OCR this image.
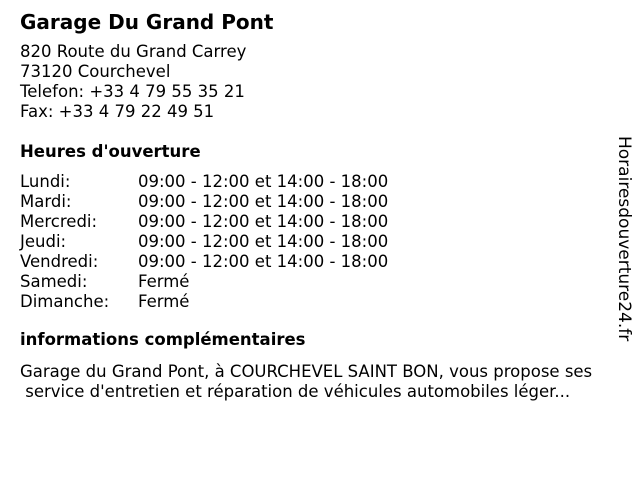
Garage Du Grand Pont
820 Route du Grand Carrey
73120 Courchevel
Telefon: +33 4 79 55 35 21
Fax: +33 4 79 22 49 51
Heures d'ouverture
Lundi:	09:00 - 12:00 et 14:00 - 18:00
Mardi:	09:00 - 12:00 et 14:00 - 18:00
Mercredi:	09:00 - 12:00 et 14:00 - 18:00
Jeudi:	09:00 - 12:00 et 14:00 - 18:00
Vendredi:	09:00 - 12:00 et 14:00 - 18:00
Samedi:	Fermé
Dimanche:	Fermé
informations complémentaires
Garage du Grand Pont, à COURCHEVEL SAINT BON, vous propose ses
service d'entretien et réparation de véhicules automobiles léger...
Horairesdouverture24.fr
